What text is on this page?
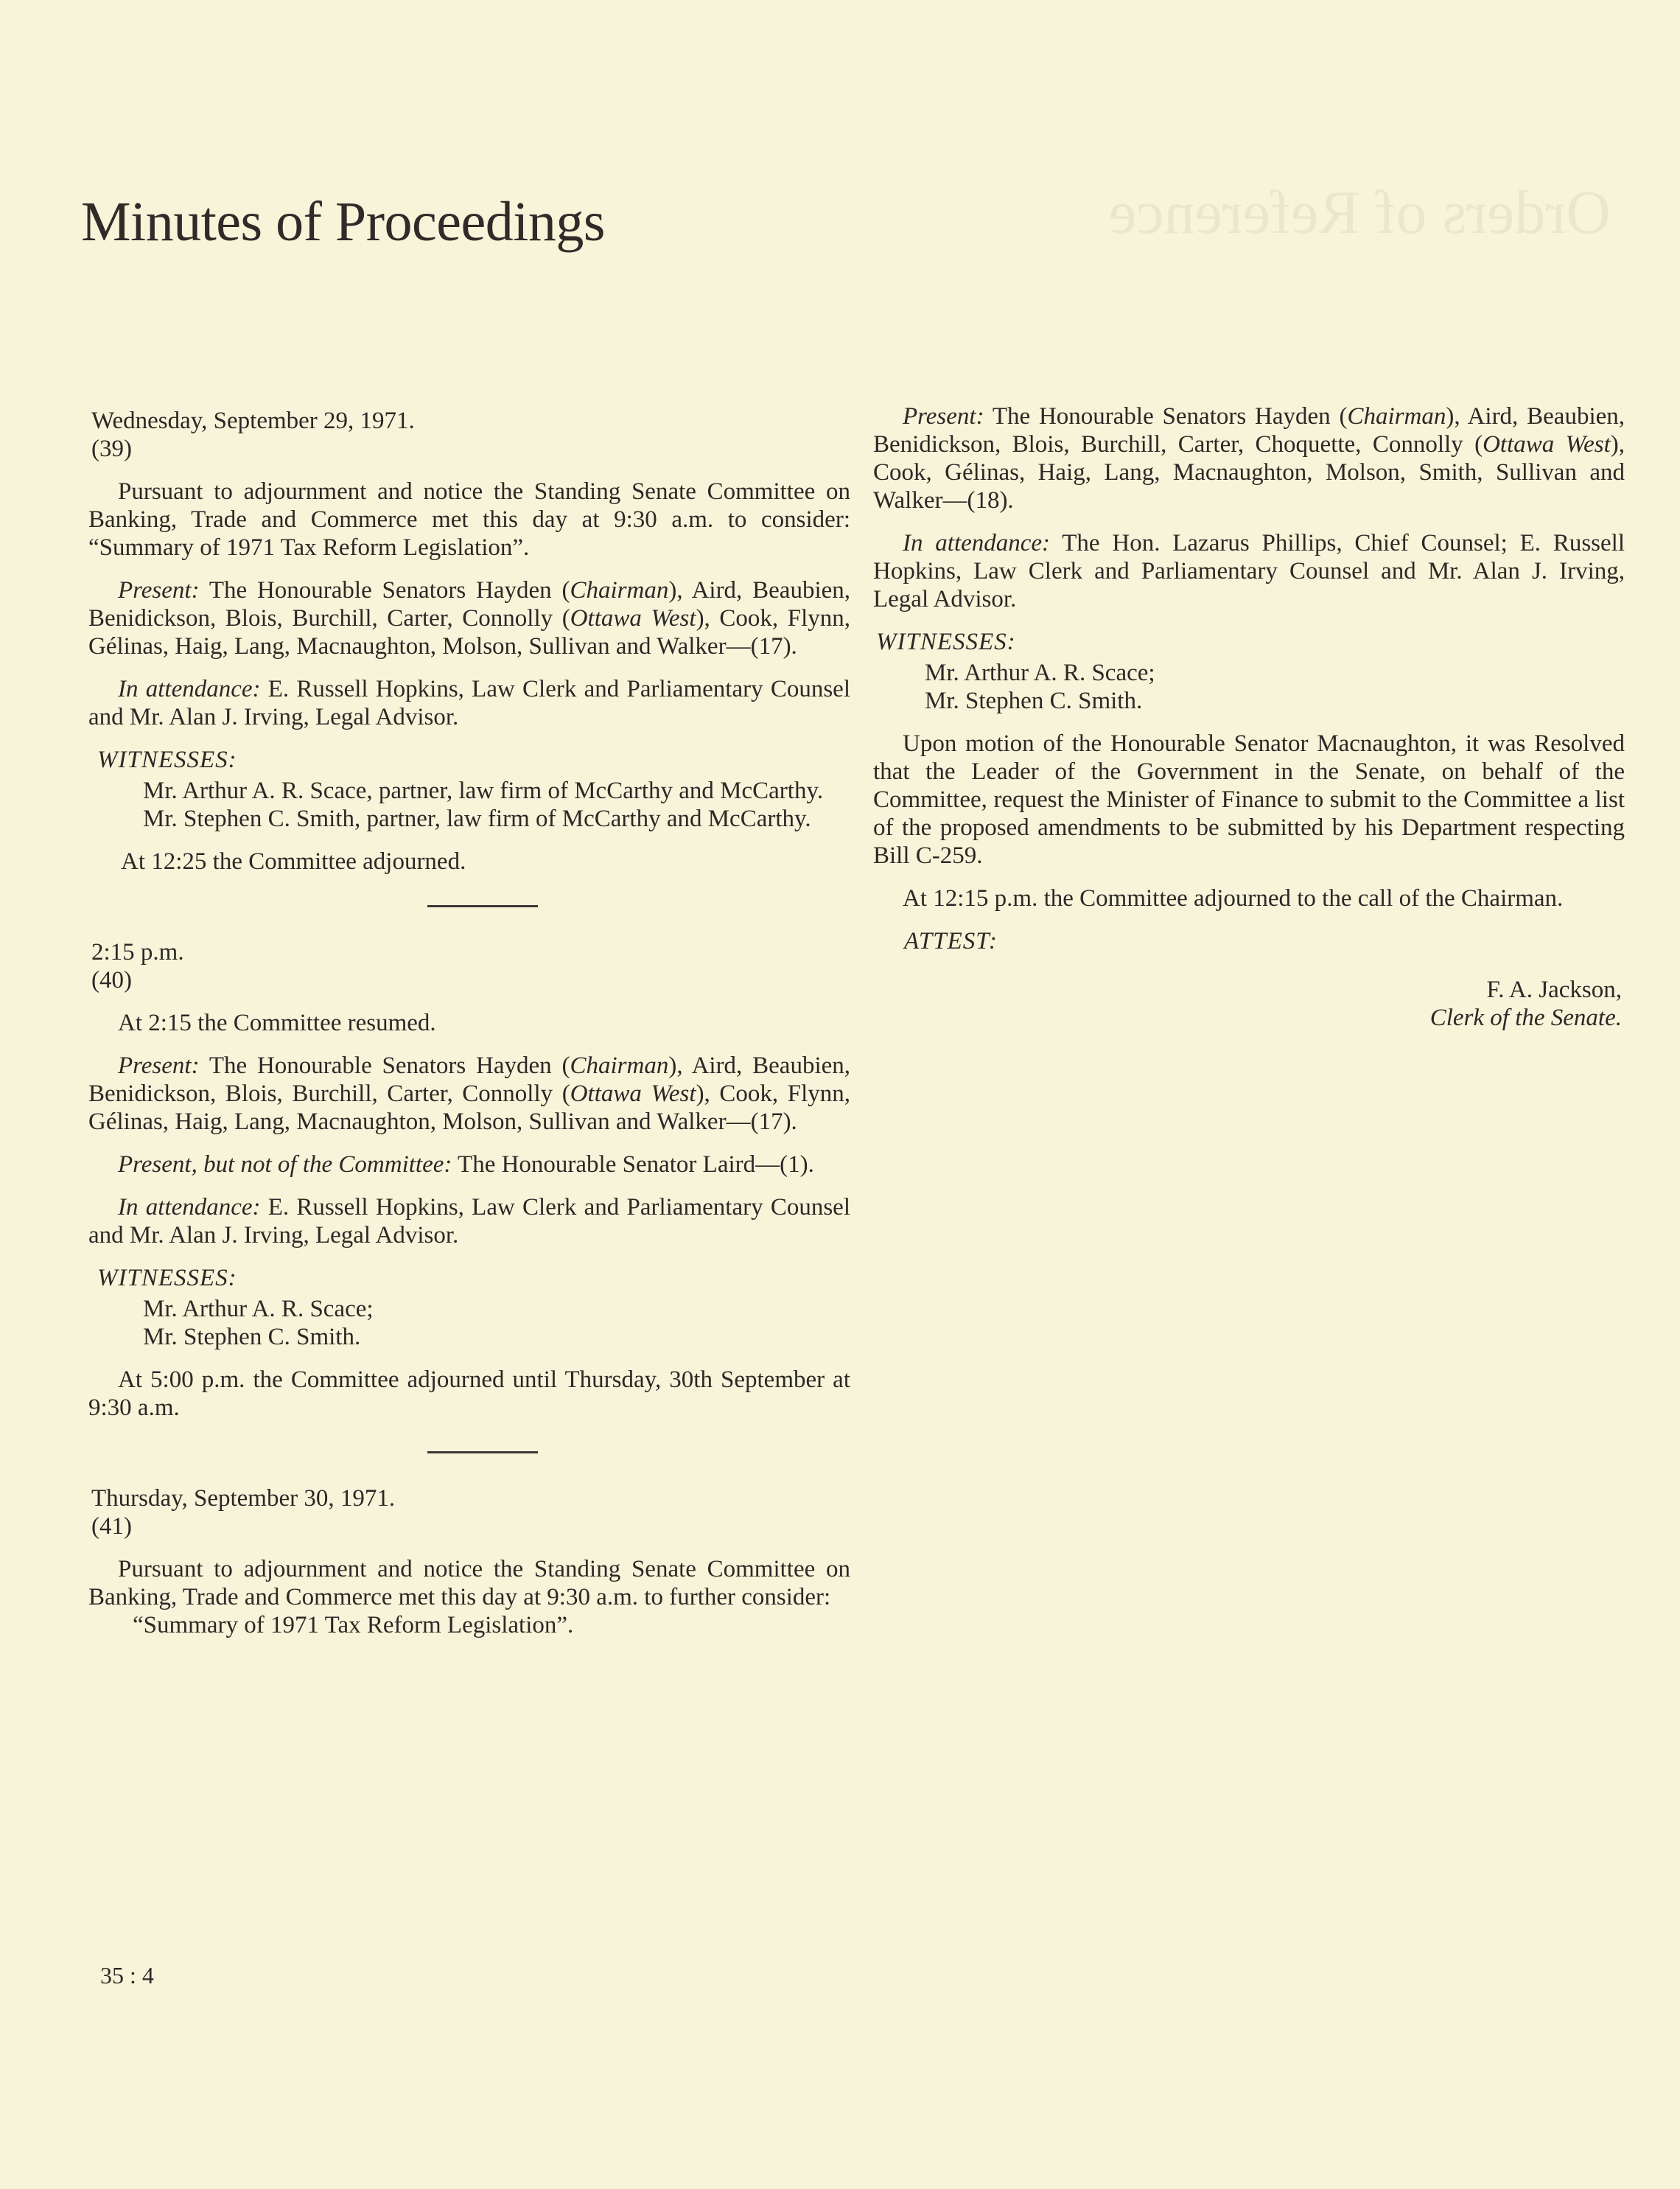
Minutes of Proceedings	Orders of Reference

Wednesday, September 29, 1971.

(39)

Pursuant to adjournment and notice the Standing Senate Committee on Banking, Trade and Commerce met this day at 9:30 a.m. to consider: “Summary of 1971 Tax Reform Legislation”.

Present: The Honourable Senators Hayden (Chairman), Aird, Beaubien, Benidickson, Blois, Burchill, Carter, Connolly (Ottawa West), Cook, Flynn, Gélinas, Haig, Lang, Macnaughton, Molson, Sullivan and Walker—(17).

In attendance: E. Russell Hopkins, Law Clerk and Parliamentary Counsel and Mr. Alan J. Irving, Legal Advisor.

WITNESSES:

Mr. Arthur A. R. Scace, partner, law firm of McCarthy and McCarthy.

Mr. Stephen C. Smith, partner, law firm of McCarthy and McCarthy.

At 12:25 the Committee adjourned.

2:15 p.m.

(40)

At 2:15 the Committee resumed.

Present: The Honourable Senators Hayden (Chairman), Aird, Beaubien, Benidickson, Blois, Burchill, Carter, Connolly (Ottawa West), Cook, Flynn, Gélinas, Haig, Lang, Macnaughton, Molson, Sullivan and Walker—(17).

Present, but not of the Committee: The Honourable Senator Laird—(1).

In attendance: E. Russell Hopkins, Law Clerk and Parliamentary Counsel and Mr. Alan J. Irving, Legal Advisor.

WITNESSES:

Mr. Arthur A. R. Scace;

Mr. Stephen C. Smith.

At 5:00 p.m. the Committee adjourned until Thursday, 30th September at 9:30 a.m.

Thursday, September 30, 1971.

(41)

Pursuant to adjournment and notice the Standing Senate Committee on Banking, Trade and Commerce met this day at 9:30 a.m. to further consider:

“Summary of 1971 Tax Reform Legislation”.

Present: The Honourable Senators Hayden (Chairman), Aird, Beaubien, Benidickson, Blois, Burchill, Carter, Choquette, Connolly (Ottawa West), Cook, Gélinas, Haig, Lang, Macnaughton, Molson, Smith, Sullivan and Walker—(18).

In attendance: The Hon. Lazarus Phillips, Chief Counsel; E. Russell Hopkins, Law Clerk and Parliamentary Counsel and Mr. Alan J. Irving, Legal Advisor.

WITNESSES:

Mr. Arthur A. R. Scace;

Mr. Stephen C. Smith.

Upon motion of the Honourable Senator Macnaughton, it was Resolved that the Leader of the Government in the Senate, on behalf of the Committee, request the Minister of Finance to submit to the Committee a list of the proposed amendments to be submitted by his Department respecting Bill C-259.

At 12:15 p.m. the Committee adjourned to the call of the Chairman.

ATTEST:

F. A. Jackson,

Clerk of the Senate.

35 : 4
